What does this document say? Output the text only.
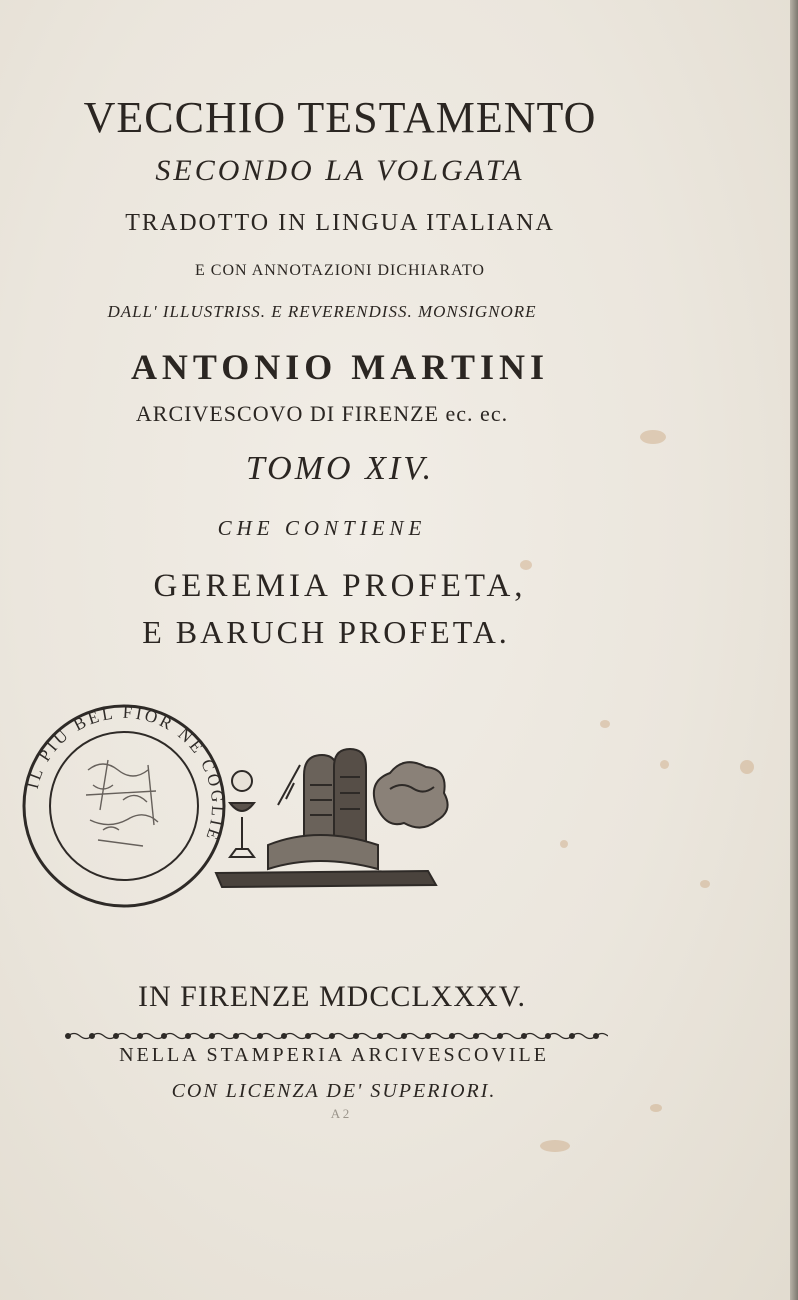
VECCHIO TESTAMENTO
SECONDO LA VOLGATA
TRADOTTO IN LINGUA ITALIANA
E CON ANNOTAZIONI DICHIARATO
DALL' ILLUSTRISS. E REVERENDISS. MONSIGNORE
ANTONIO MARTINI
ARCIVESCOVO DI FIRENZE ec. ec.
TOMO XIV.
CHE CONTIENE
GEREMIA PROFETA,
E BARUCH PROFETA.
IL PIU BEL FIOR NE COGLIE
IN FIRENZE MDCCLXXXV.
NELLA STAMPERIA ARCIVESCOVILE
CON LICENZA DE' SUPERIORI.
A 2
